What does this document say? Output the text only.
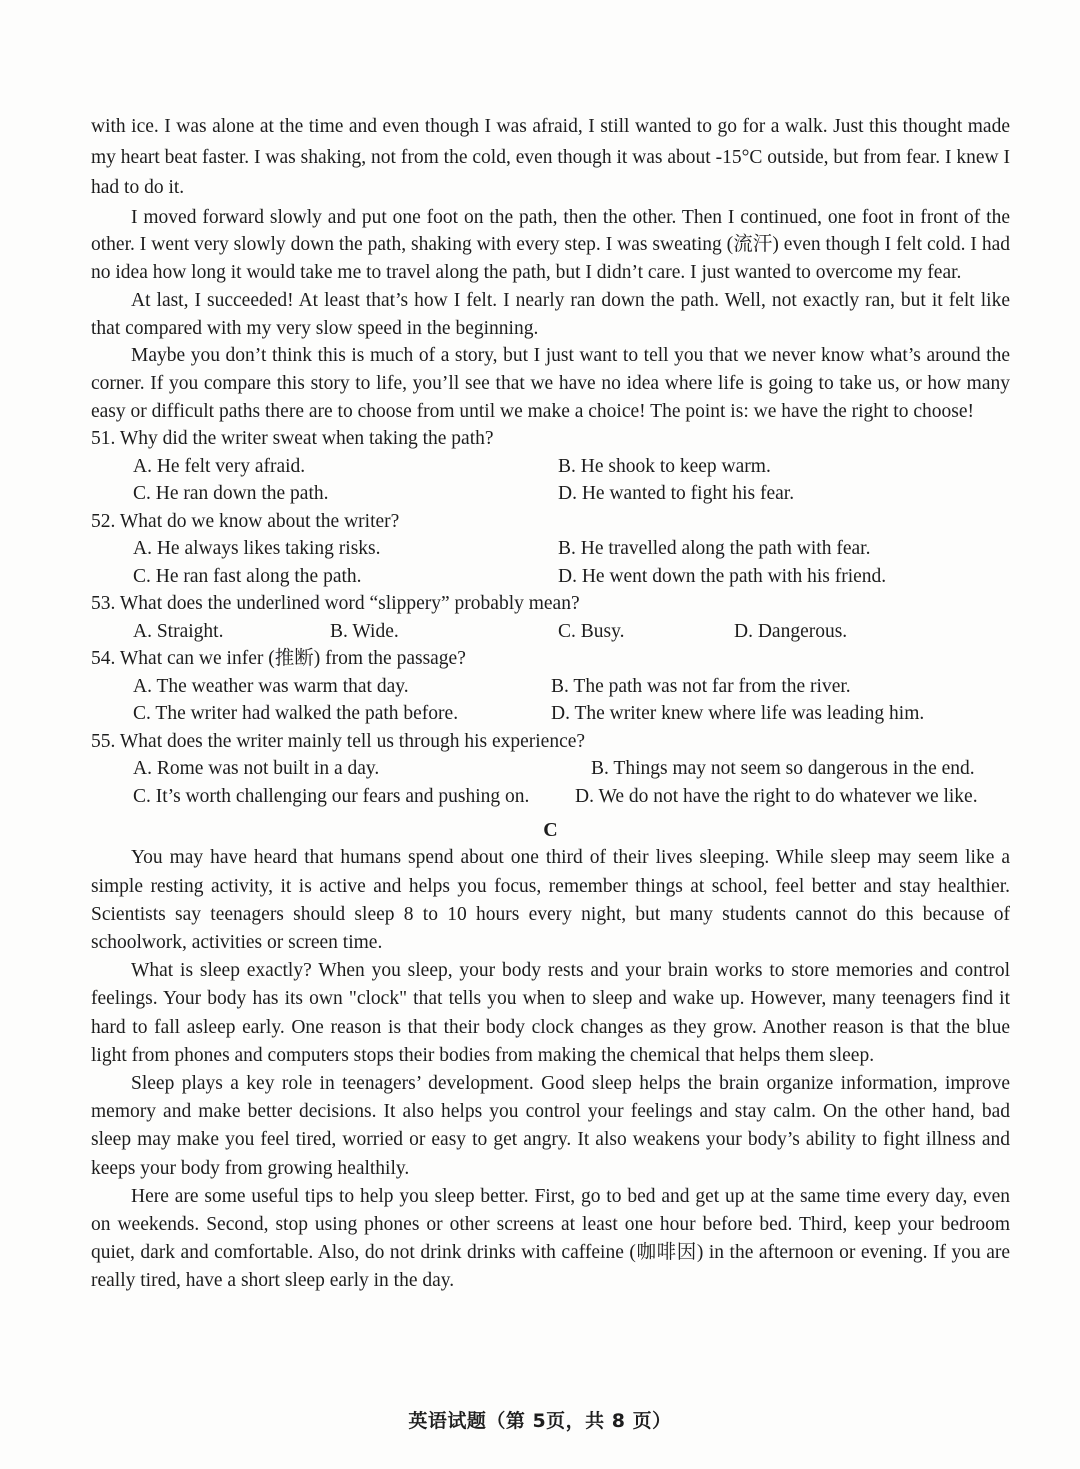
with ice. I was alone at the time and even though I was afraid, I still wanted to go for a walk. Just this thought made my heart beat faster. I was shaking, not from the cold, even though it was about -15°C outside, but from fear. I knew I had to do it.

I moved forward slowly and put one foot on the path, then the other. Then I continued, one foot in front of the other. I went very slowly down the path, shaking with every step. I was sweating (流汗) even though I felt cold. I had no idea how long it would take me to travel along the path, but I didn’t care. I just wanted to overcome my fear.

At last, I succeeded! At least that’s how I felt. I nearly ran down the path. Well, not exactly ran, but it felt like that compared with my very slow speed in the beginning.

Maybe you don’t think this is much of a story, but I just want to tell you that we never know what’s around the corner. If you compare this story to life, you’ll see that we have no idea where life is going to take us, or how many easy or difficult paths there are to choose from until we make a choice! The point is: we have the right to choose!

51. Why did the writer sweat when taking the path?
A. He felt very afraid.	B. He shook to keep warm.
C. He ran down the path.	D. He wanted to fight his fear.
52. What do we know about the writer?
A. He always likes taking risks.	B. He travelled along the path with fear.
C. He ran fast along the path.	D. He went down the path with his friend.
53. What does the underlined word “slippery” probably mean?
A. Straight.	B. Wide.	C. Busy.	D. Dangerous.
54. What can we infer (推断) from the passage?
A. The weather was warm that day.	B. The path was not far from the river.
C. The writer had walked the path before.	D. The writer knew where life was leading him.
55. What does the writer mainly tell us through his experience?
A. Rome was not built in a day.	B. Things may not seem so dangerous in the end.
C. It’s worth challenging our fears and pushing on.	D. We do not have the right to do whatever we like.
C

You may have heard that humans spend about one third of their lives sleeping. While sleep may seem like a simple resting activity, it is active and helps you focus, remember things at school, feel better and stay healthier. Scientists say teenagers should sleep 8 to 10 hours every night, but many students cannot do this because of schoolwork, activities or screen time.

What is sleep exactly? When you sleep, your body rests and your brain works to store memories and control feelings. Your body has its own "clock" that tells you when to sleep and wake up. However, many teenagers find it hard to fall asleep early. One reason is that their body clock changes as they grow. Another reason is that the blue light from phones and computers stops their bodies from making the chemical that helps them sleep.

Sleep plays a key role in teenagers’ development. Good sleep helps the brain organize information, improve memory and make better decisions. It also helps you control your feelings and stay calm. On the other hand, bad sleep may make you feel tired, worried or easy to get angry. It also weakens your body’s ability to fight illness and keeps your body from growing healthily.

Here are some useful tips to help you sleep better. First, go to bed and get up at the same time every day, even on weekends. Second, stop using phones or other screens at least one hour before bed. Third, keep your bedroom quiet, dark and comfortable. Also, do not drink drinks with caffeine (咖啡因) in the afternoon or evening. If you are really tired, have a short sleep early in the day.

英语试题（第 5页，共 8 页）
